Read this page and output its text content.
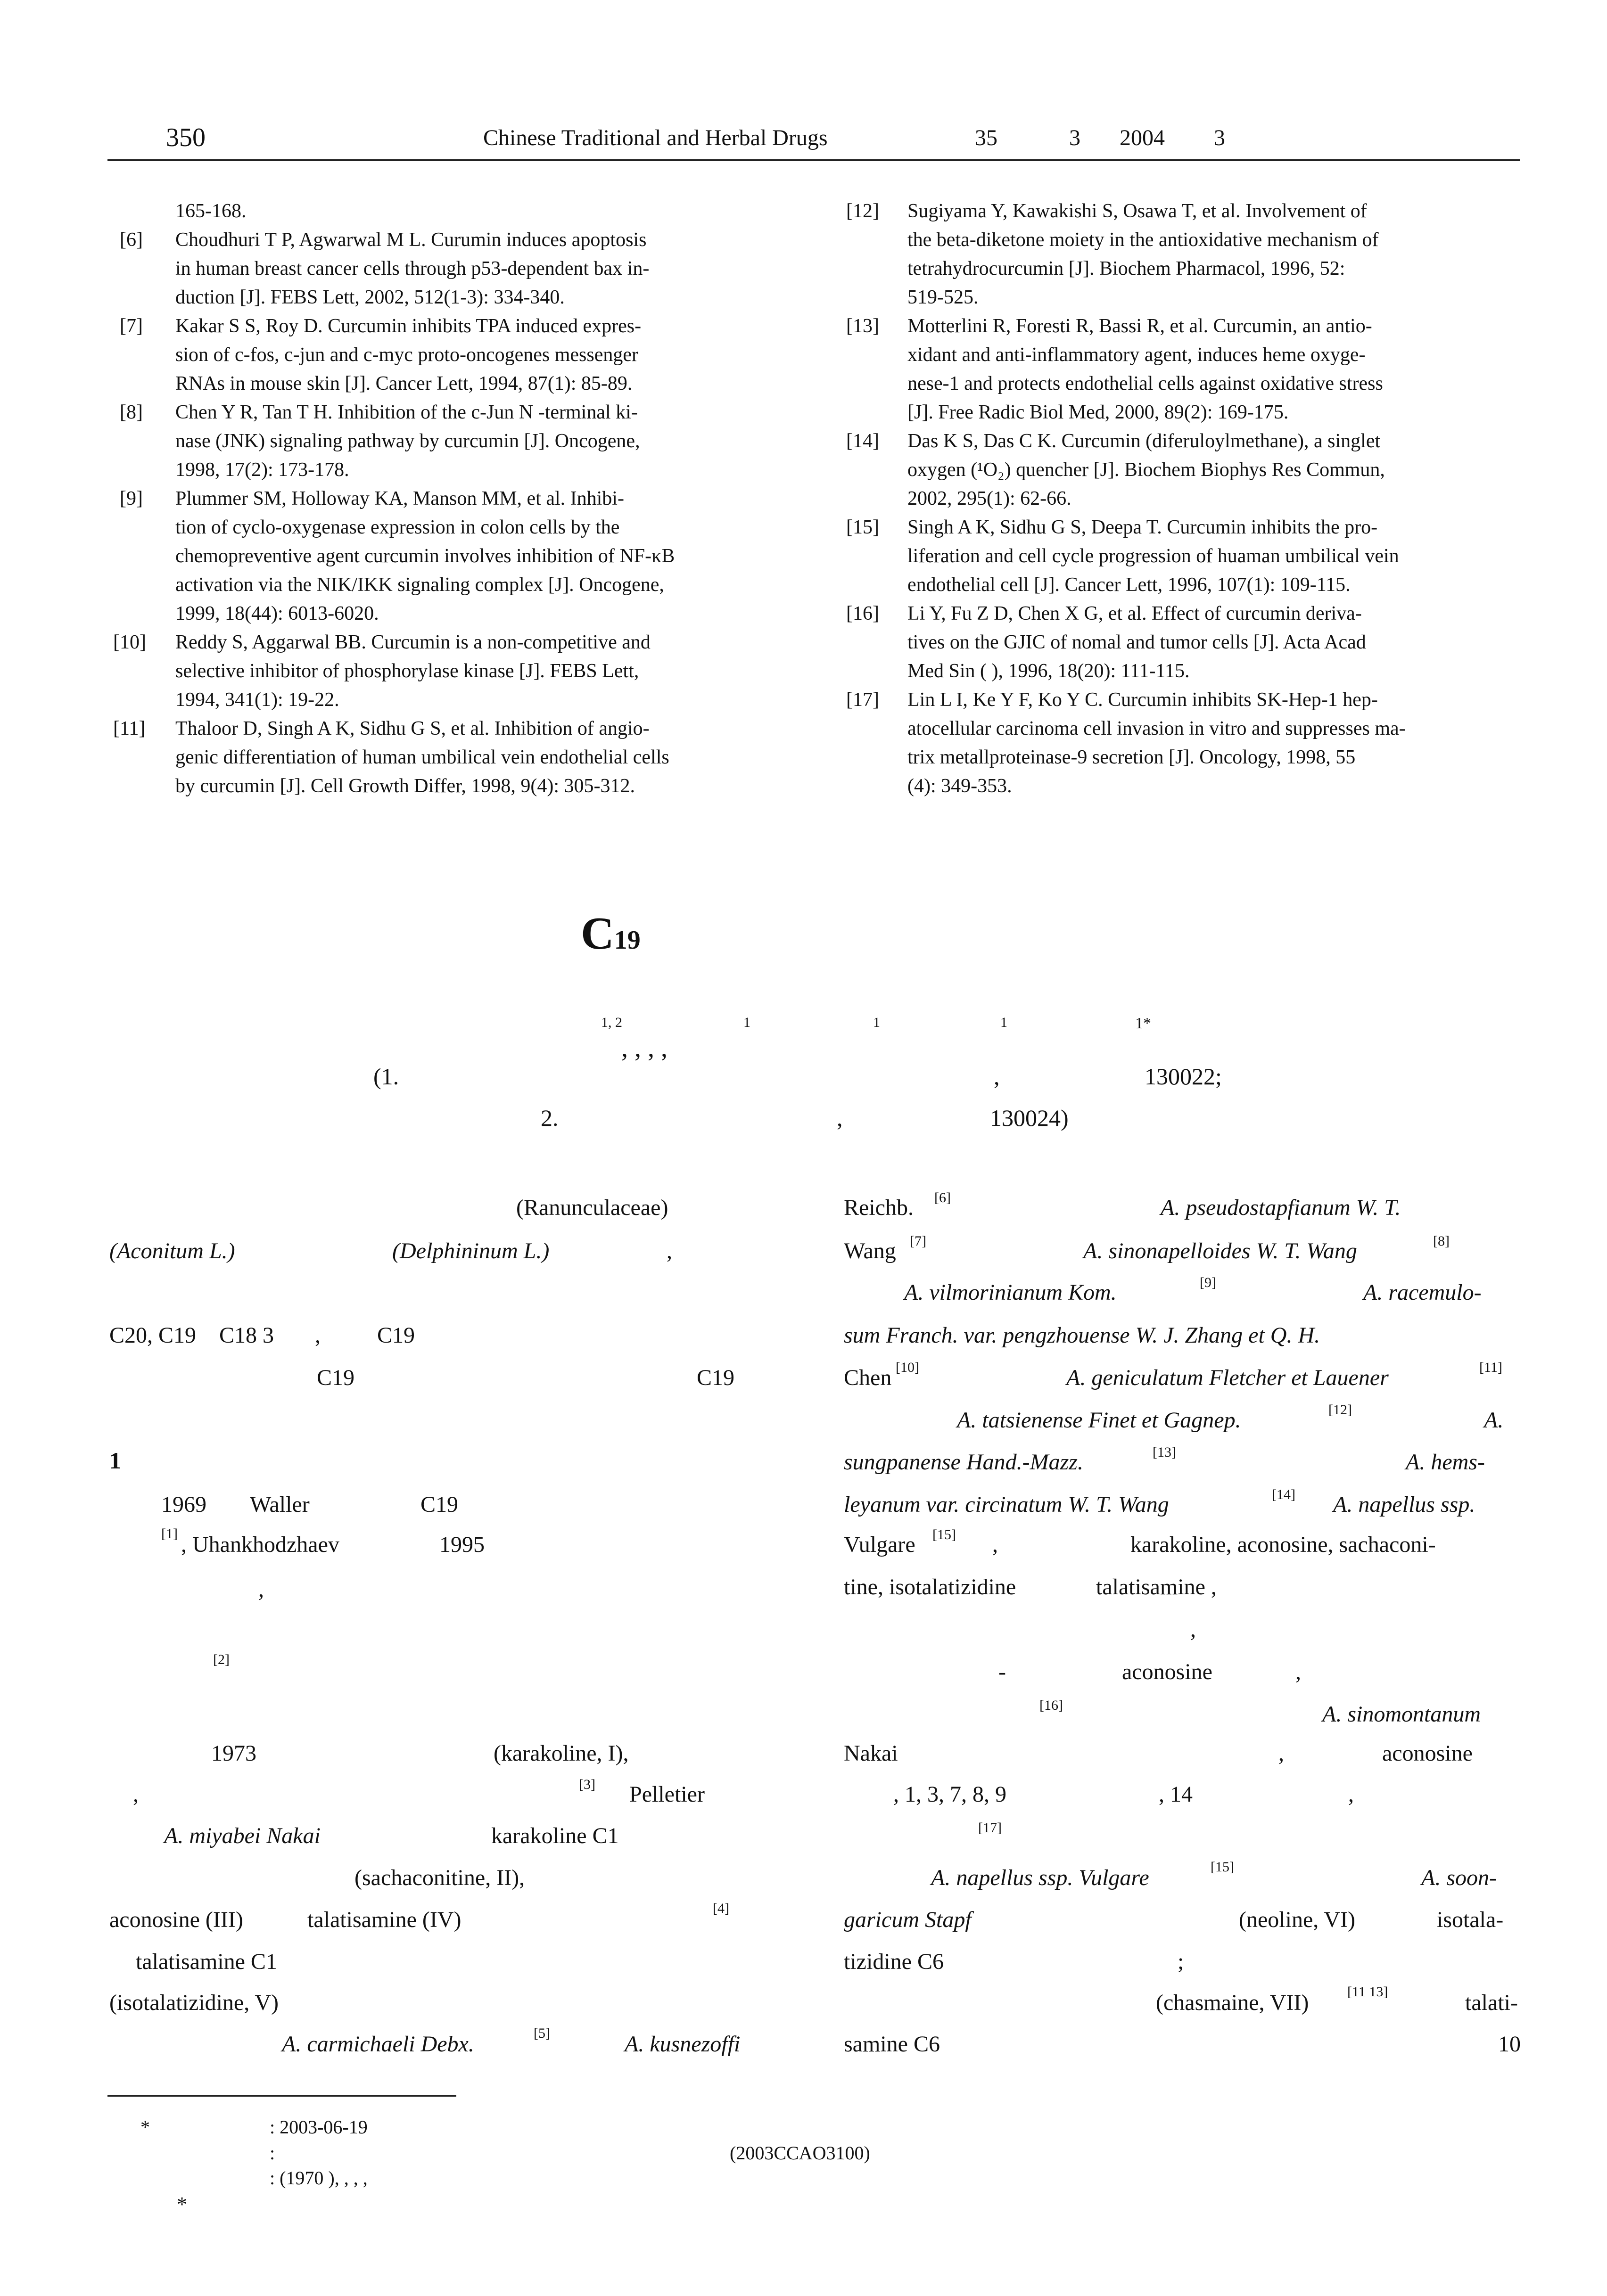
350	Chinese Traditional and Herbal Drugs	35	3 2004 3
165-168.
[6] Choudhuri T P, Agwarwal M L. Curumin induces apoptosis
in human breast cancer cells through p53-dependent bax in-
duction [J]. FEBS Lett, 2002, 512(1-3): 334-340.
[7] Kakar S S, Roy D. Curcumin inhibits TPA induced expres-
sion of c-fos, c-jun and c-myc proto-oncogenes messenger
RNAs in mouse skin [J]. Cancer Lett, 1994, 87(1): 85-89.
[8] Chen Y R, Tan T H. Inhibition of the c-Jun N -terminal ki-
nase (JNK) signaling pathway by curcumin [J]. Oncogene,
1998, 17(2): 173-178.
[9] Plummer SM, Holloway KA, Manson MM, et al. Inhibi-
tion of cyclo-oxygenase expression in colon cells by the
chemopreventive agent curcumin involves inhibition of NF-κB
activation via the NIK/IKK signaling complex [J]. Oncogene,
1999, 18(44): 6013-6020.
[10] Reddy S, Aggarwal BB. Curcumin is a non-competitive and
selective inhibitor of phosphorylase kinase [J]. FEBS Lett,
1994, 341(1): 19-22.
[11] Thaloor D, Singh A K, Sidhu G S, et al. Inhibition of angio-
genic differentiation of human umbilical vein endothelial cells
by curcumin [J]. Cell Growth Differ, 1998, 9(4): 305-312.
[12] Sugiyama Y, Kawakishi S, Osawa T, et al. Involvement of
the beta-diketone moiety in the antioxidative mechanism of
tetrahydrocurcumin [J]. Biochem Pharmacol, 1996, 52:
519-525.
[13] Motterlini R, Foresti R, Bassi R, et al. Curcumin, an antio-
xidant and anti-inflammatory agent, induces heme oxyge-
nese-1 and protects endothelial cells against oxidative stress
[J]. Free Radic Biol Med, 2000, 89(2): 169-175.
[14] Das K S, Das C K. Curcumin (diferuloylmethane), a singlet
oxygen (¹O₂) quencher [J]. Biochem Biophys Res Commun,
2002, 295(1): 62-66.
[15] Singh A K, Sidhu G S, Deepa T. Curcumin inhibits the pro-
liferation and cell cycle progression of huaman umbilical vein
endothelial cell [J]. Cancer Lett, 1996, 107(1): 109-115.
[16] Li Y, Fu Z D, Chen X G, et al. Effect of curcumin deriva-
tives on the GJIC of nomal and tumor cells [J]. Acta Acad
Med Sin ( ), 1996, 18(20): 111-115.
[17] Lin L I, Ke Y F, Ko Y C. Curcumin inhibits SK-Hep-1 hep-
atocellular carcinoma cell invasion in vitro and suppresses ma-
trix metallproteinase-9 secretion [J]. Oncology, 1998, 55
(4): 349-353.
C19
, , , ,
1, 2	1	1	1	1*
(1.	,	130022;
2.	,	130024)
(Ranunculaceae)
(Aconitum L.)	(Delphininum L.)	,
C20, C19 C18 3 ,	C19
C19	C19
1
1969 Waller	C19
[1] , Uhankhodzhaev	1995
,
[2]
1973	(karakoline, I),
,	[3] Pelletier
A. miyabei Nakai	karakoline C1
(sachaconitine, II),
aconosine (III)	talatisamine (IV)	[4]
talatisamine C1
(isotalatizidine, V)
A. carmichaeli Debx.	[5]	A. kusnezoffi
Reichb. [6]	A. pseudostapfianum W. T.
Wang [7]	A. sinonapelloides W. T. Wang	[8]
A. vilmorinianum Kom.	[9]	A. racemulo-
sum Franch. var. pengzhouense W. J. Zhang et Q. H.
Chen [10]	A. geniculatum Fletcher et Lauener	[11]
A. tatsienense Finet et Gagnep.	[12]	A.
sungpanense Hand.-Mazz.	[13]	A. hems-
leyanum var. circinatum W. T. Wang	[14] A. napellus ssp.
Vulgare [15] ,	karakoline, aconosine, sachaconi-
tine, isotalatizidine	talatisamine ,
,
-	aconosine	,
[16]	A. sinomontanum
Nakai	,	aconosine
, 1, 3, 7, 8, 9	, 14	,
[17]
A. napellus ssp. Vulgare	[15]	A. soon-
garicum Stapf	(neoline, VI)	isotala-
tizidine C6	;
(chasmaine, VII)	[11 13]	talati-
samine C6	10
*	: 2003-06-19
:	(2003CCAO3100)
: (1970 ), , , ,
*
